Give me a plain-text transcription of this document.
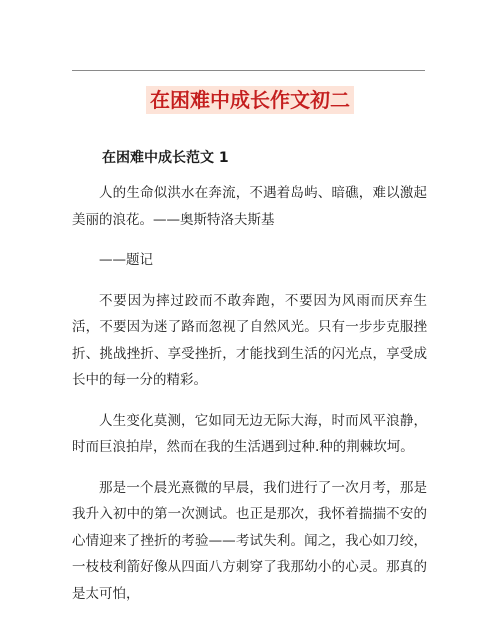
在困难中成长作文初二
在困难中成长范文 1

人的生命似洪水在奔流，不遇着岛屿、暗礁，难以激起美丽的浪花。——奥斯特洛夫斯基

——题记

不要因为摔过跤而不敢奔跑，不要因为风雨而厌弃生活，不要因为迷了路而忽视了自然风光。只有一步步克服挫折、挑战挫折、享受挫折，才能找到生活的闪光点，享受成长中的每一分的精彩。

人生变化莫测，它如同无边无际大海，时而风平浪静，时而巨浪拍岸，然而在我的生活遇到过种.种的荆棘坎坷。

那是一个晨光熹微的早晨，我们进行了一次月考，那是我升入初中的第一次测试。也正是那次，我怀着揣揣不安的心情迎来了挫折的考验——考试失利。闻之，我心如刀绞，一枝枝利箭好像从四面八方刺穿了我那幼小的心灵。那真的是太可怕，
